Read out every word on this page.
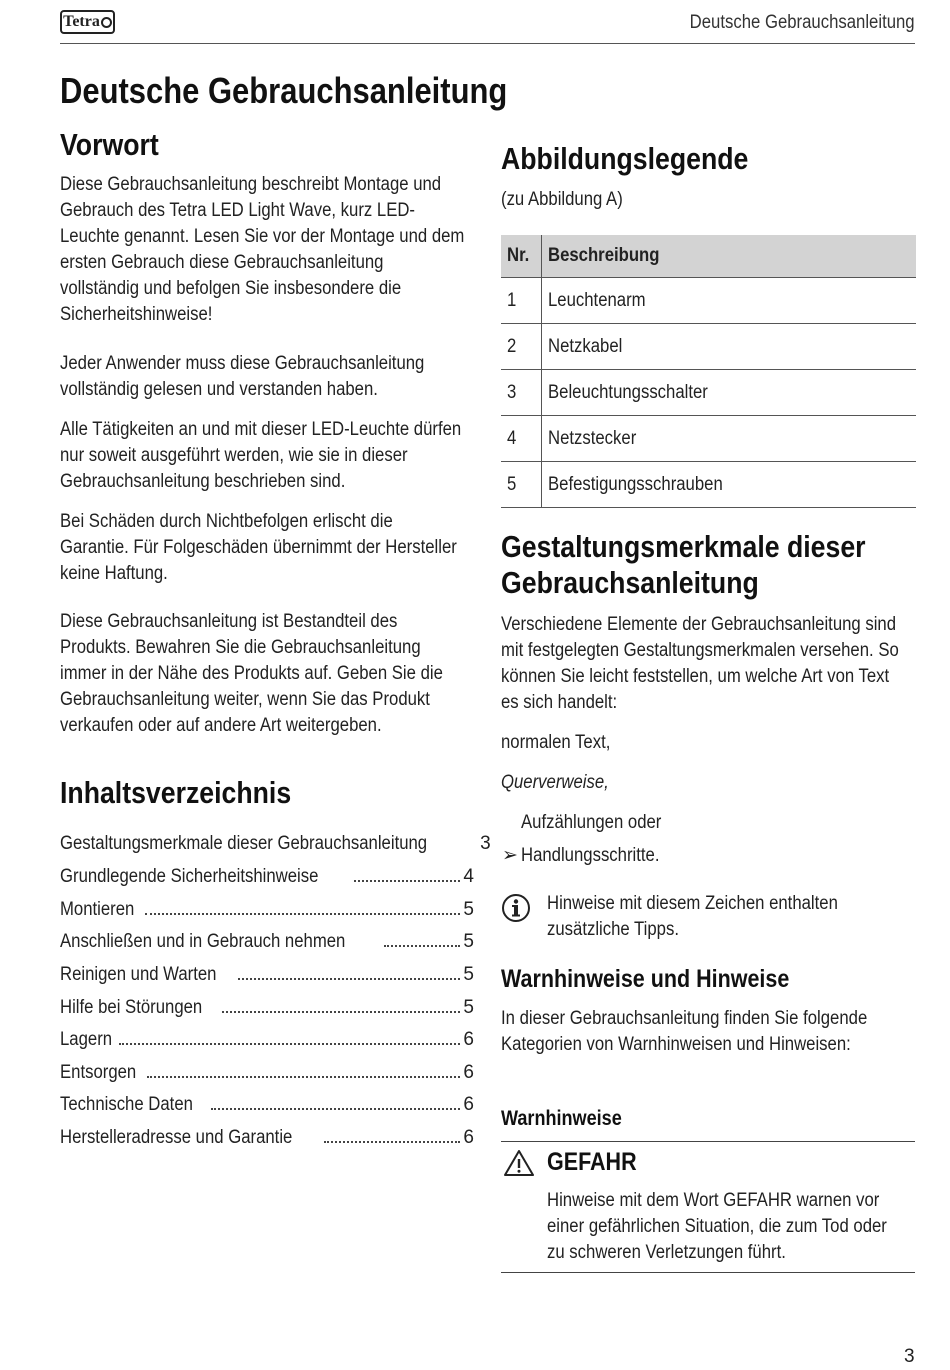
Tetra	Deutsche Gebrauchsanleitung
Deutsche Gebrauchsanleitung
Vorwort
Diese Gebrauchsanleitung beschreibt Montage und
Gebrauch des Tetra LED Light Wave, kurz LED-
Leuchte genannt. Lesen Sie vor der Montage und dem
ersten Gebrauch diese Gebrauchsanleitung
vollständig und befolgen Sie insbesondere die
Sicherheitshinweise!
Jeder Anwender muss diese Gebrauchsanleitung
vollständig gelesen und verstanden haben.
Alle Tätigkeiten an und mit dieser LED-Leuchte dürfen
nur soweit ausgeführt werden, wie sie in dieser
Gebrauchsanleitung beschrieben sind.
Bei Schäden durch Nichtbefolgen erlischt die
Garantie. Für Folgeschäden übernimmt der Hersteller
keine Haftung.
Diese Gebrauchsanleitung ist Bestandteil des
Produkts. Bewahren Sie die Gebrauchsanleitung
immer in der Nähe des Produkts auf. Geben Sie die
Gebrauchsanleitung weiter, wenn Sie das Produkt
verkaufen oder auf andere Art weitergeben.
Inhaltsverzeichnis
Gestaltungsmerkmale dieser Gebrauchsanleitung	3
Grundlegende Sicherheitshinweise	4
Montieren	5
Anschließen und in Gebrauch nehmen	5
Reinigen und Warten	5
Hilfe bei Störungen	5
Lagern	6
Entsorgen	6
Technische Daten	6
Herstelleradresse und Garantie	6
Abbildungslegende
(zu Abbildung A)
Nr.	Beschreibung
1	Leuchtenarm
2	Netzkabel
3	Beleuchtungsschalter
4	Netzstecker
5	Befestigungsschrauben
Gestaltungsmerkmale dieser
Gebrauchsanleitung
Verschiedene Elemente der Gebrauchsanleitung sind
mit festgelegten Gestaltungsmerkmalen versehen. So
können Sie leicht feststellen, um welche Art von Text
es sich handelt:
normalen Text,
Querverweise,
Aufzählungen oder
➢ Handlungsschritte.
Hinweise mit diesem Zeichen enthalten
zusätzliche Tipps.
Warnhinweise und Hinweise
In dieser Gebrauchsanleitung finden Sie folgende
Kategorien von Warnhinweisen und Hinweisen:
Warnhinweise
GEFAHR
Hinweise mit dem Wort GEFAHR warnen vor
einer gefährlichen Situation, die zum Tod oder
zu schweren Verletzungen führt.
3
